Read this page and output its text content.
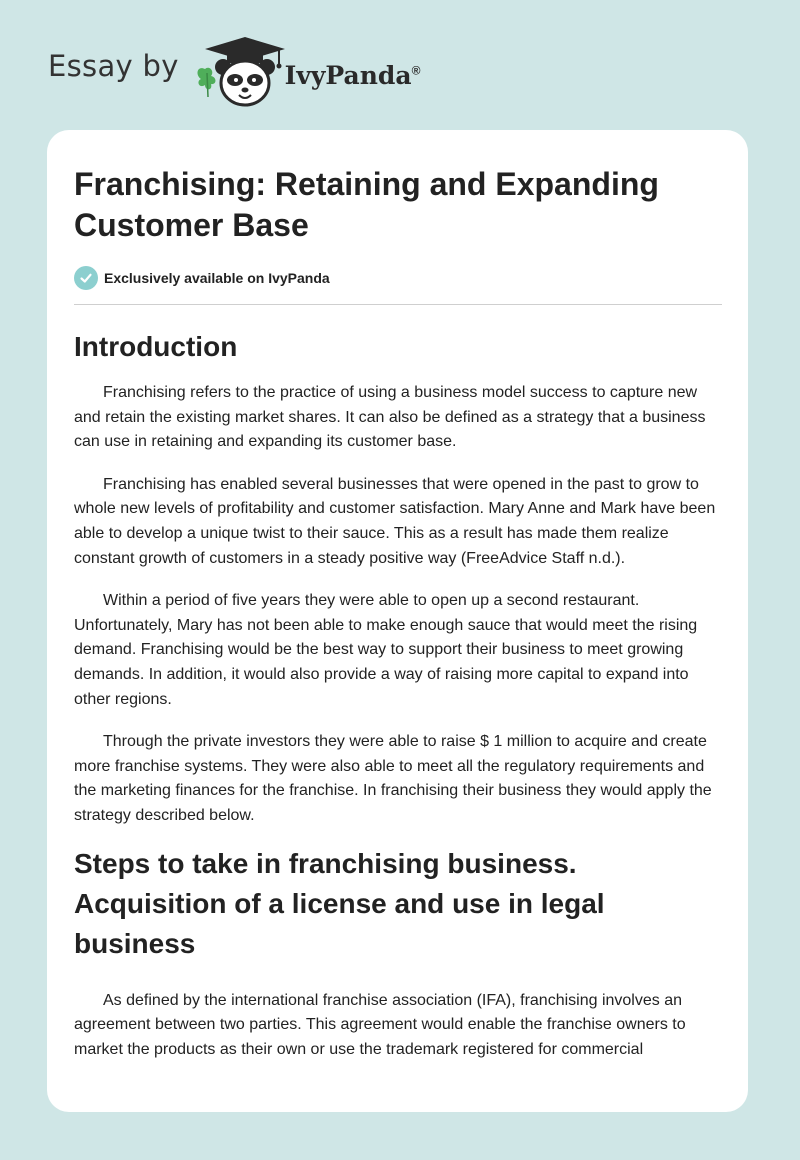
Essay by	IvyPanda®
Franchising: Retaining and Expanding Customer Base
Exclusively available on IvyPanda
Introduction

Franchising refers to the practice of using a business model success to capture new and retain the existing market shares. It can also be defined as a strategy that a business can use in retaining and expanding its customer base.

Franchising has enabled several businesses that were opened in the past to grow to whole new levels of profitability and customer satisfaction. Mary Anne and Mark have been able to develop a unique twist to their sauce. This as a result has made them realize constant growth of customers in a steady positive way (FreeAdvice Staff n.d.).

Within a period of five years they were able to open up a second restaurant. Unfortunately, Mary has not been able to make enough sauce that would meet the rising demand. Franchising would be the best way to support their business to meet growing demands. In addition, it would also provide a way of raising more capital to expand into other regions.

Through the private investors they were able to raise $ 1 million to acquire and create more franchise systems. They were also able to meet all the regulatory requirements and the marketing finances for the franchise. In franchising their business they would apply the strategy described below.

Steps to take in franchising business. Acquisition of a license and use in legal business

As defined by the international franchise association (IFA), franchising involves an agreement between two parties. This agreement would enable the franchise owners to market the products as their own or use the trademark registered for commercial
